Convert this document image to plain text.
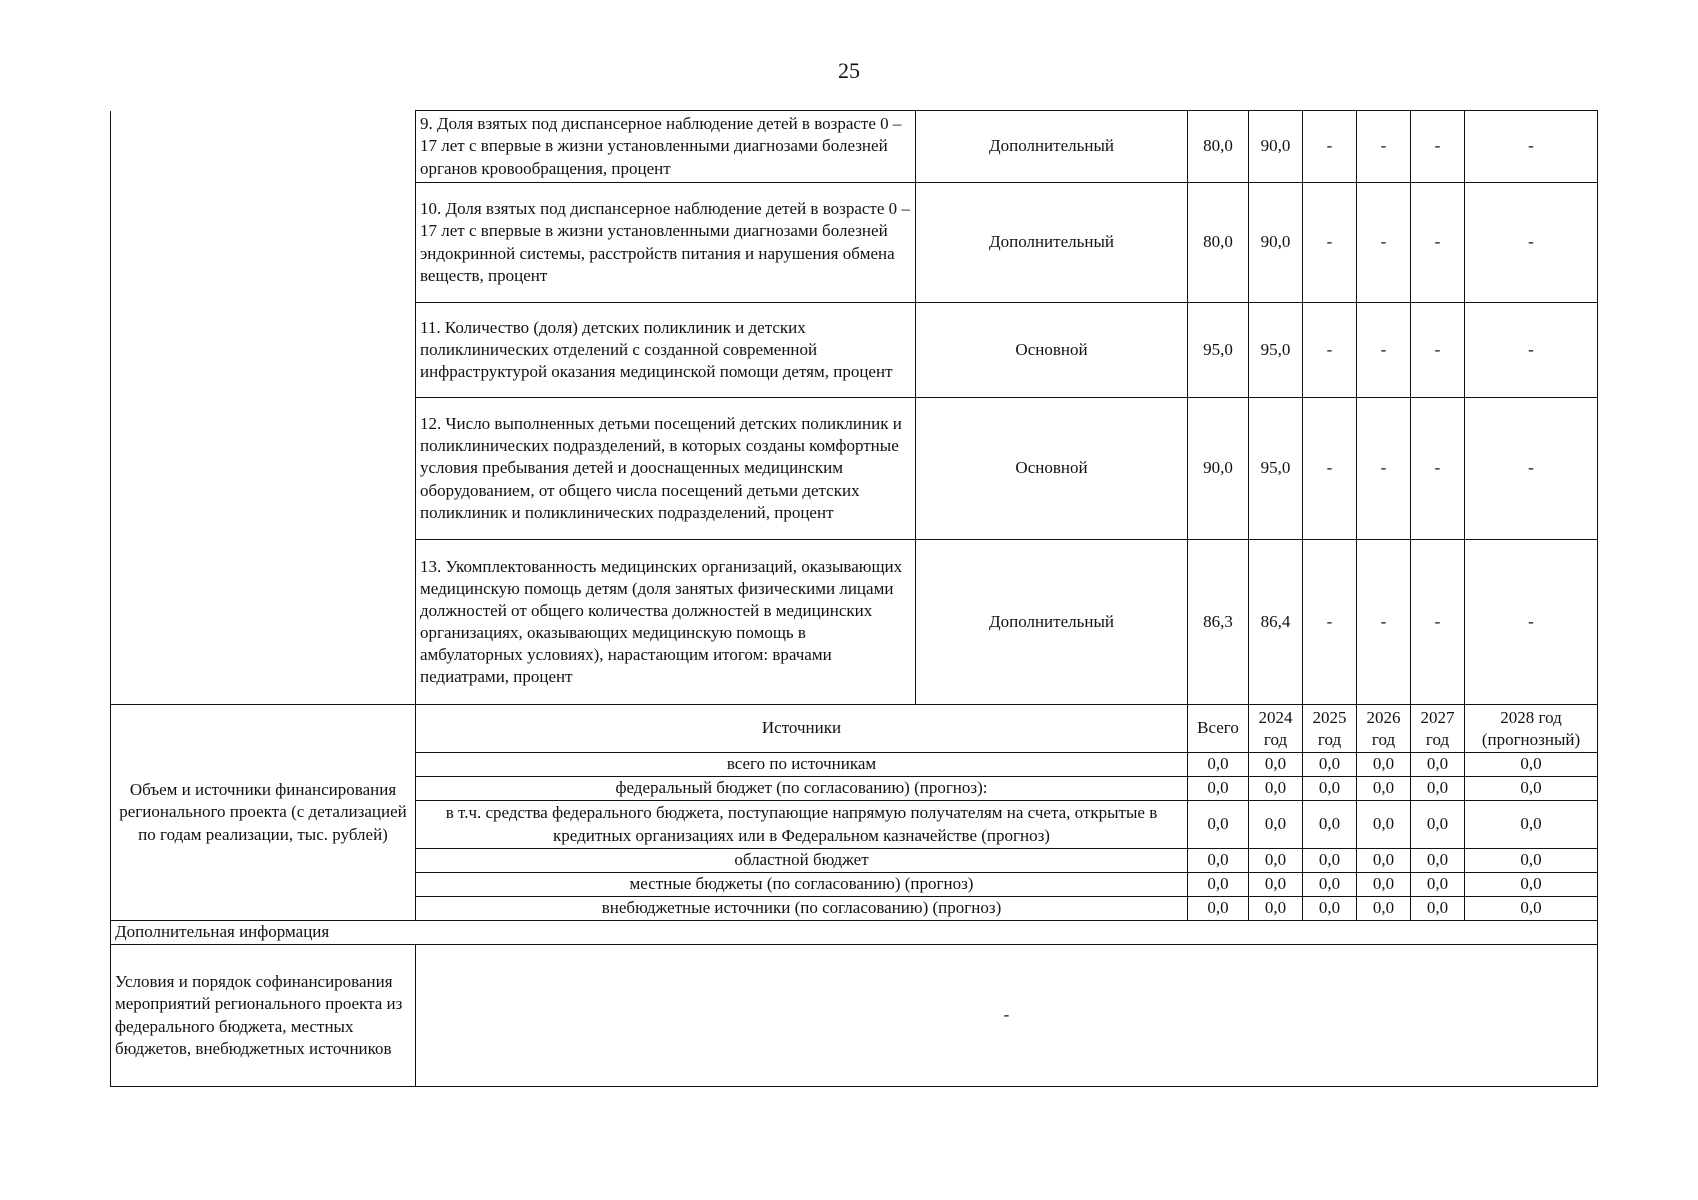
25
	9. Доля взятых под диспансерное наблюдение детей в возрасте 0 – 17 лет с впервые в жизни установленными диагнозами болезней органов кровообращения, процент	Дополнительный	80,0	90,0	-	-	-	-
	10. Доля взятых под диспансерное наблюдение детей в возрасте 0 – 17 лет с впервые в жизни установленными диагнозами болезней эндокринной системы, расстройств питания и нарушения обмена веществ, процент	Дополнительный	80,0	90,0	-	-	-	-
	11. Количество (доля) детских поликлиник и детских поликлинических отделений с созданной современной инфраструктурой оказания медицинской помощи детям, процент	Основной	95,0	95,0	-	-	-	-
	12. Число выполненных детьми посещений детских поликлиник и поликлинических подразделений, в которых созданы комфортные условия пребывания детей и дооснащенных медицинским оборудованием, от общего числа посещений детьми детских поликлиник и поликлинических подразделений, процент	Основной	90,0	95,0	-	-	-	-
	13. Укомплектованность медицинских организаций, оказывающих медицинскую помощь детям (доля занятых физическими лицами должностей от общего количества должностей в медицинских организациях, оказывающих медицинскую помощь в амбулаторных условиях), нарастающим итогом: врачами педиатрами, процент	Дополнительный	86,3	86,4	-	-	-	-
Объем и источники финансирования регионального проекта (с детализацией по годам реализации, тыс. рублей)	Источники		Всего	2024 год	2025 год	2026 год	2027 год	2028 год (прогнозный)
	всего по источникам		0,0	0,0	0,0	0,0	0,0	0,0
	федеральный бюджет (по согласованию) (прогноз):		0,0	0,0	0,0	0,0	0,0	0,0
	в т.ч. средства федерального бюджета, поступающие напрямую получателям на счета, открытые в кредитных организациях или в Федеральном казначействе (прогноз)		0,0	0,0	0,0	0,0	0,0	0,0
	областной бюджет		0,0	0,0	0,0	0,0	0,0	0,0
	местные бюджеты (по согласованию) (прогноз)		0,0	0,0	0,0	0,0	0,0	0,0
	внебюджетные источники (по согласованию) (прогноз)		0,0	0,0	0,0	0,0	0,0	0,0
Дополнительная информация								
Условия и порядок софинансирования мероприятий регионального проекта из федерального бюджета, местных бюджетов, внебюджетных источников	-							
